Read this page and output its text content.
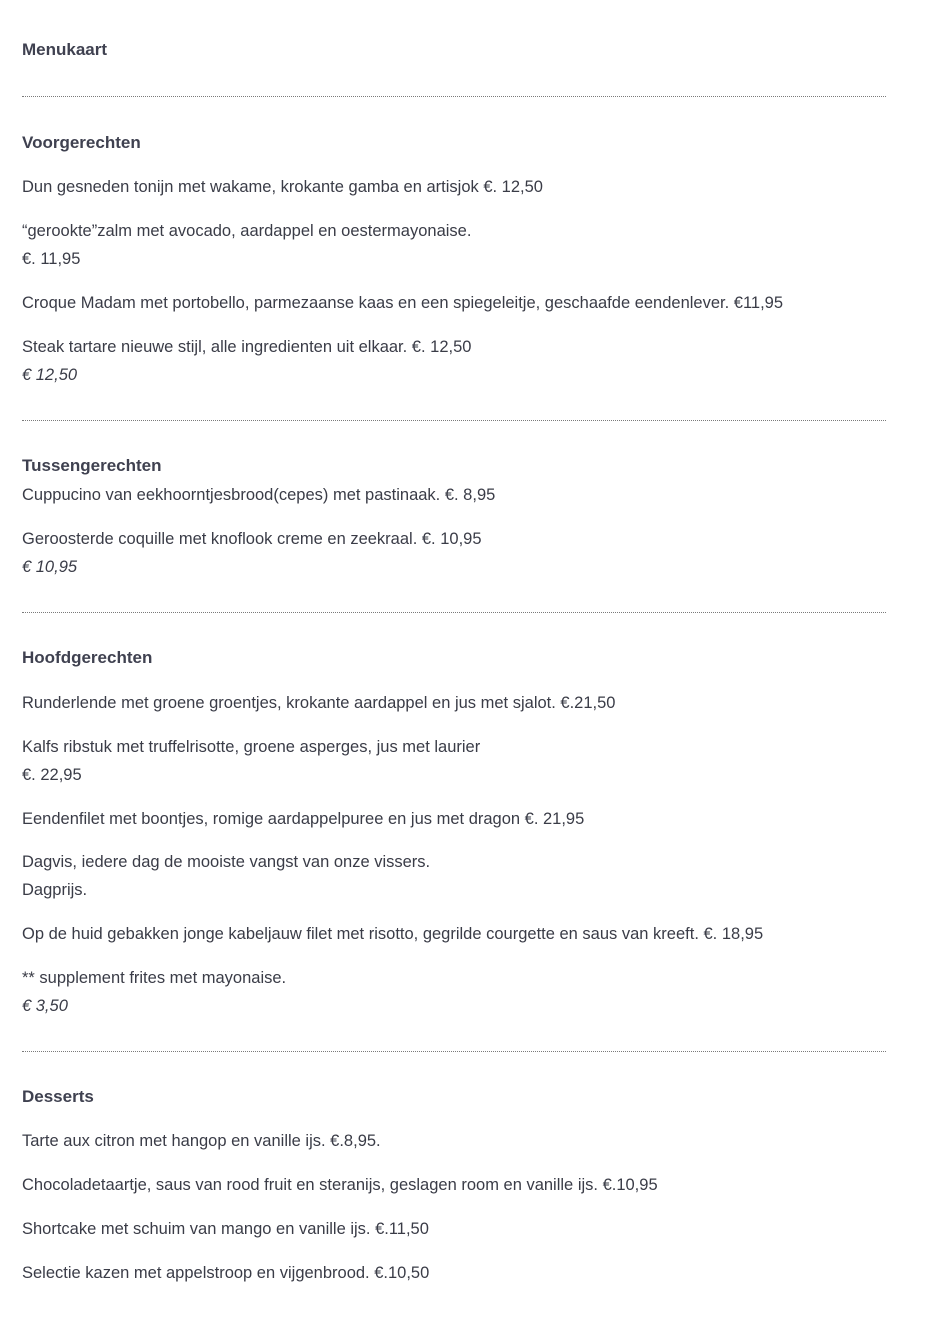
Menukaart
Voorgerechten
Dun gesneden tonijn met wakame, krokante gamba en artisjok €. 12,50
“gerookte”zalm met avocado, aardappel en oestermayonaise.
€. 11,95
Croque Madam met portobello, parmezaanse kaas en een spiegeleitje, geschaafde eendenlever. €11,95
Steak tartare nieuwe stijl, alle ingredienten uit elkaar. €. 12,50
€ 12,50
Tussengerechten
Cuppucino van eekhoorntjesbrood(cepes) met pastinaak. €. 8,95
Geroosterde coquille met knoflook creme en zeekraal. €. 10,95
€ 10,95
Hoofdgerechten
Runderlende met groene groentjes, krokante aardappel en jus met sjalot. €.21,50
Kalfs ribstuk met truffelrisotte, groene asperges, jus met laurier
€. 22,95
Eendenfilet met boontjes, romige aardappelpuree en jus met dragon €. 21,95
Dagvis, iedere dag de mooiste vangst van onze vissers.
Dagprijs.
Op de huid gebakken jonge kabeljauw filet met risotto, gegrilde courgette en saus van kreeft. €. 18,95
** supplement frites met mayonaise.
€ 3,50
Desserts
Tarte aux citron met hangop en vanille ijs. €.8,95.
Chocoladetaartje, saus van rood fruit en steranijs, geslagen room en vanille ijs. €.10,95
Shortcake met schuim van mango en vanille ijs. €.11,50
Selectie kazen met appelstroop en vijgenbrood. €.10,50
